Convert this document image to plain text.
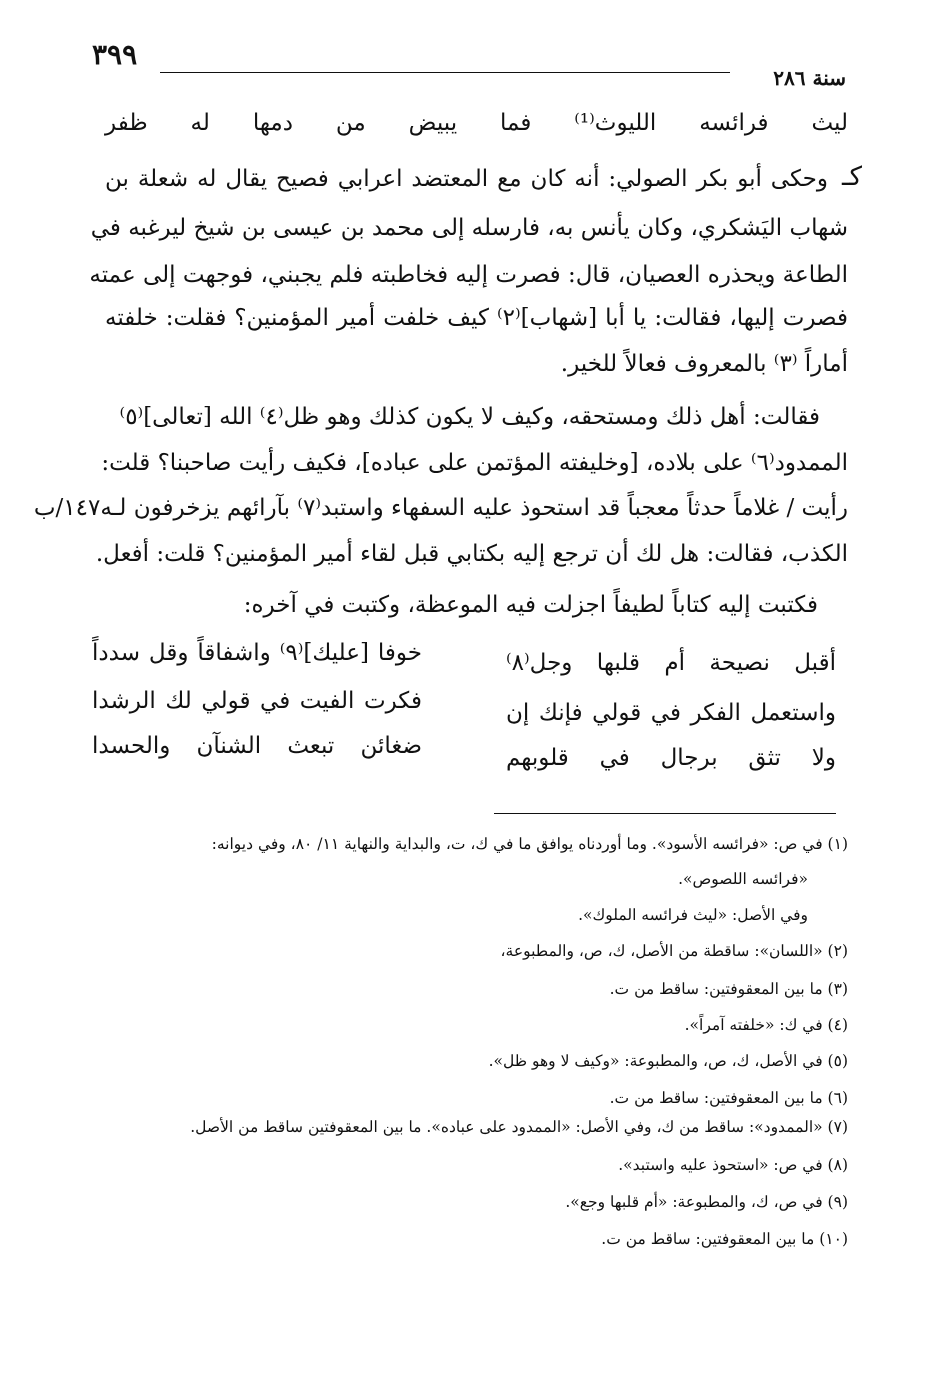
٣٩٩
سنة ٢٨٦
ليث فرائسه الليوث⁽¹⁾ فما يبيض من دمها له ظفر
كـ
وحكى أبو بكر الصولي: أنه كان مع المعتضد اعرابي فصيح يقال له شعلة بن
شهاب اليَشكري، وكان يأنس به، فارسله إلى محمد بن عيسى بن شيخ ليرغبه في
الطاعة ويحذره العصيان، قال: فصرت إليه فخاطبته فلم يجبني، فوجهت إلى عمته
فصرت إليها، فقالت: يا أبا [شهاب]⁽٢⁾ كيف خلفت أمير المؤمنين؟ فقلت: خلفته
أماراً ⁽٣⁾ بالمعروف فعالاً للخير.
فقالت: أهل ذلك ومستحقه، وكيف لا يكون كذلك وهو ظل⁽٤⁾ الله [تعالى]⁽٥⁾
الممدود⁽٦⁾ على بلاده، [وخليفته المؤتمن على عباده]، فكيف رأيت صاحبنا؟ قلت:
رأيت / غلاماً حدثاً معجباً قد استحوذ عليه السفهاء واستبد⁽٧⁾ بآرائهم يزخرفون لـه١٤٧/ب
الكذب، فقالت: هل لك أن ترجع إليه بكتابي قبل لقاء أمير المؤمنين؟ قلت: أفعل.
فكتبت إليه كتاباً لطيفاً اجزلت فيه الموعظة، وكتبت في آخره:
أقبل نصيحة أم قلبها وجل⁽٨⁾
خوفا [عليك]⁽٩⁾ واشفاقاً وقل سدداً
واستعمل الفكر في قولي فإنك إن
فكرت الفيت في قولي لك الرشدا
ولا تثق برجال في قلوبهم
ضغائن تبعث الشنآن والحسدا
(١) في ص: «فرائسه الأسود». وما أوردناه يوافق ما في ك، ت، والبداية والنهاية ١١/ ٨٠، وفي ديوانه:
«فرائسه اللصوص».
وفي الأصل: «ليث فرائسه الملوك».
(٢) «اللسان»: ساقطة من الأصل، ك، ص، والمطبوعة،
(٣) ما بين المعقوفتين: ساقط من ت.
(٤) في ك: «خلفته آمراً».
(٥) في الأصل، ك، ص، والمطبوعة: «وكيف لا وهو ظل».
(٦) ما بين المعقوفتين: ساقط من ت.
(٧) «الممدود»: ساقط من ك، وفي الأصل: «الممدود على عباده». ما بين المعقوفتين ساقط من الأصل.
(٨) في ص: «استحوذ عليه واستبد».
(٩) في ص، ك، والمطبوعة: «أم قلبها وجع».
(١٠) ما بين المعقوفتين: ساقط من ت.
